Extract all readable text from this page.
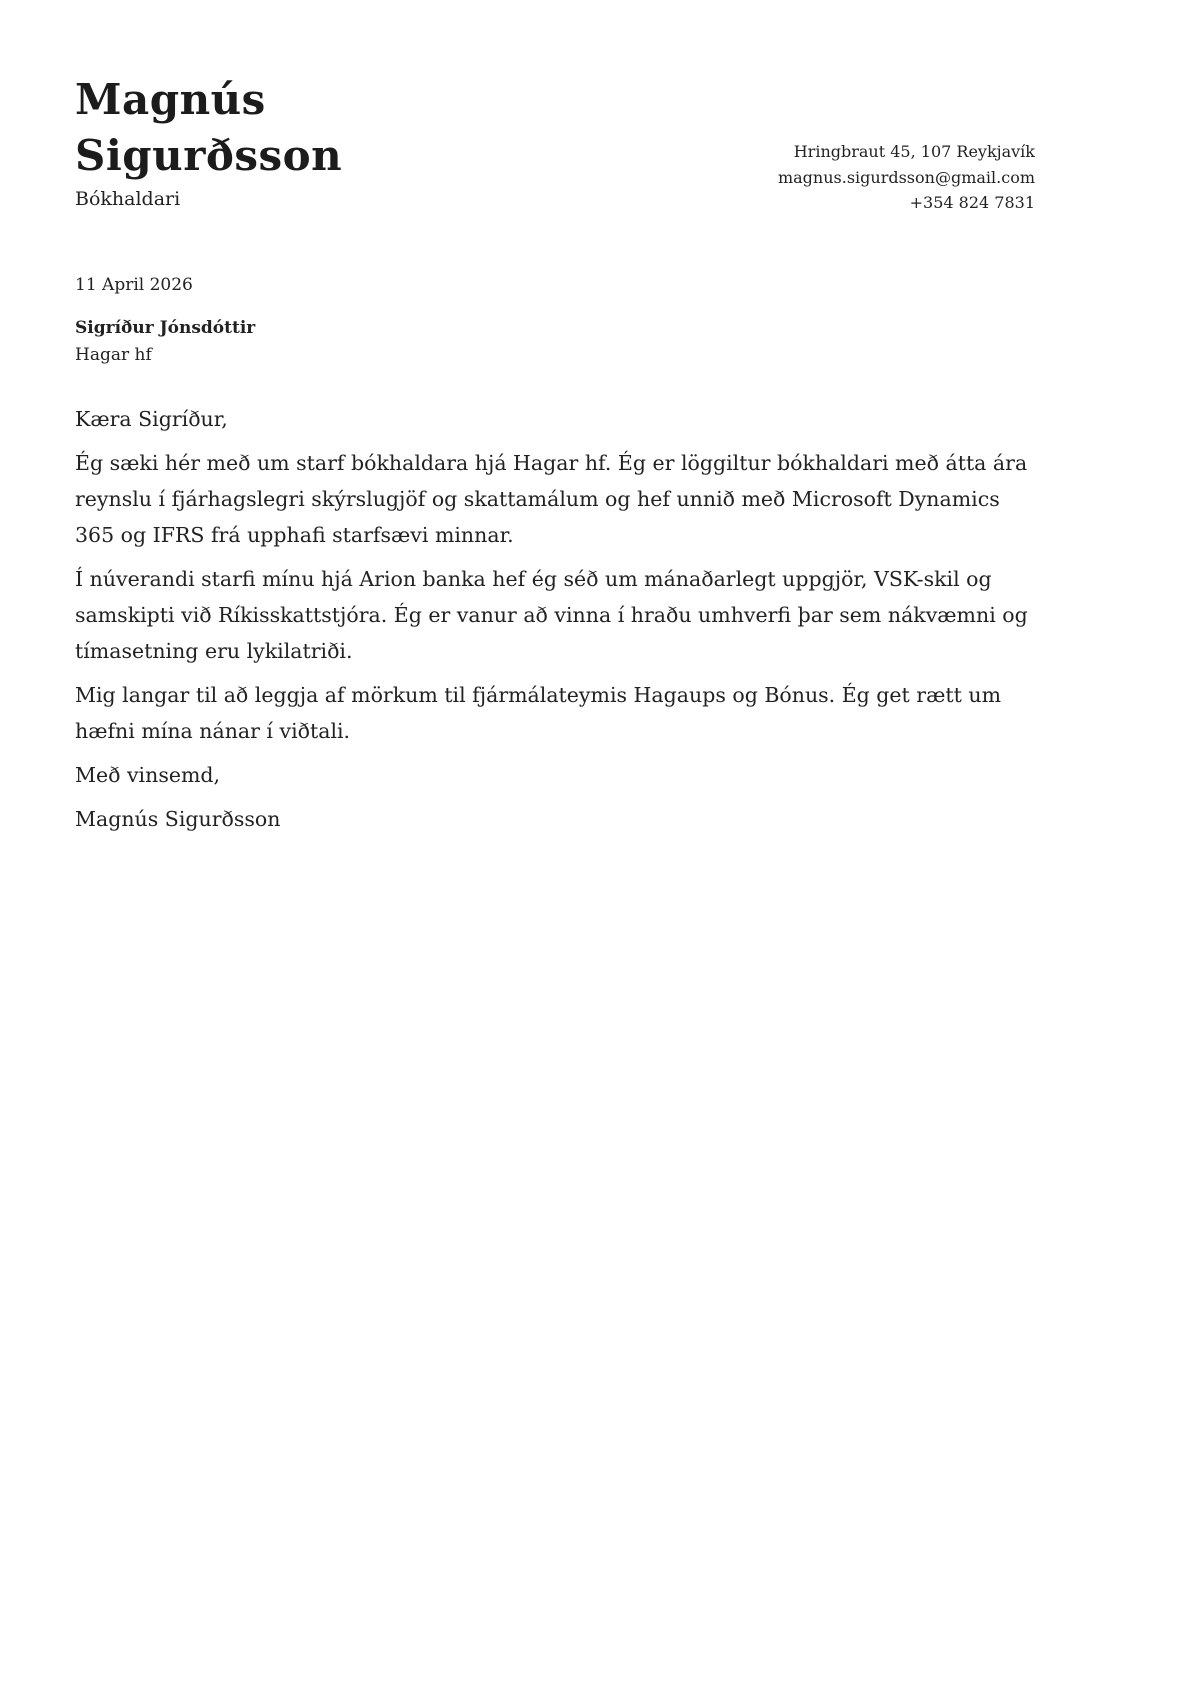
Magnús
Sigurðsson
Bókhaldari
Hringbraut 45, 107 Reykjavík
magnus.sigurdsson@gmail.com
+354 824 7831
11 April 2026
Sigríður Jónsdóttir
Hagar hf

Kæra Sigríður,

Ég sæki hér með um starf bókhaldara hjá Hagar hf. Ég er löggiltur bókhaldari með átta ára reynslu í fjárhagslegri skýrslugjöf og skattamálum og hef unnið með Microsoft Dynamics 365 og IFRS frá upphafi starfsævi minnar.

Í núverandi starfi mínu hjá Arion banka hef ég séð um mánaðarlegt uppgjör, VSK-skil og samskipti við Ríkisskattstjóra. Ég er vanur að vinna í hraðu umhverfi þar sem nákvæmni og tímasetning eru lykilatriði.

Mig langar til að leggja af mörkum til fjármálateymis Hagaups og Bónus. Ég get rætt um hæfni mína nánar í viðtali.

Með vinsemd,

Magnús Sigurðsson
